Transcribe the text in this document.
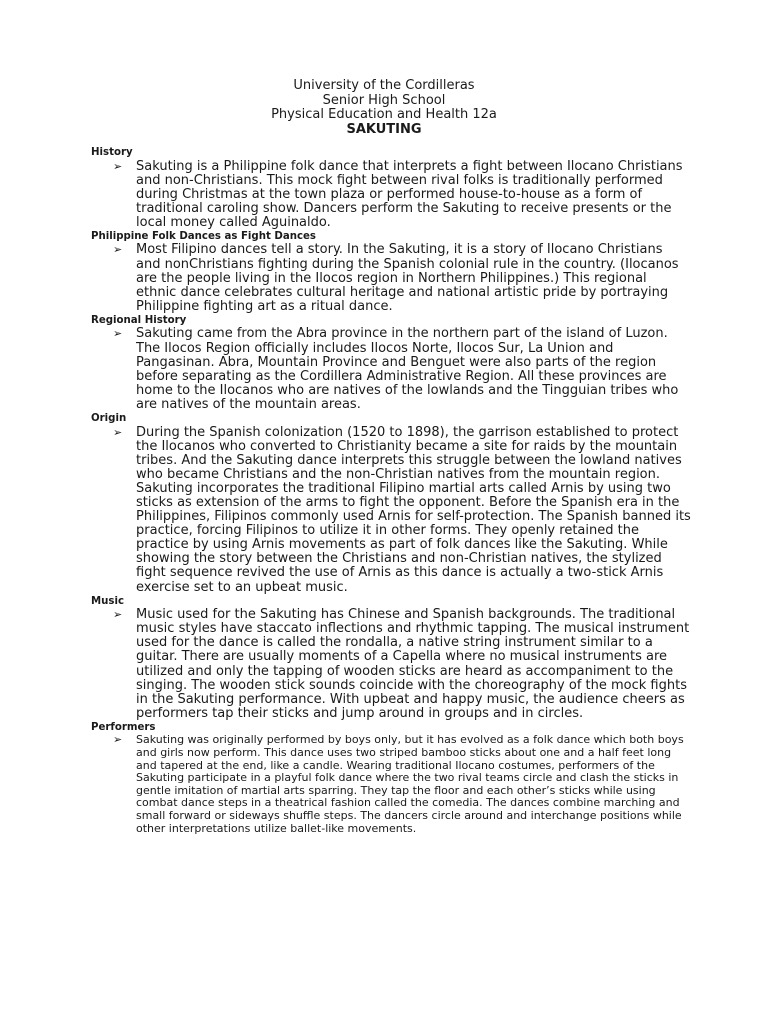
University of the Cordilleras
Senior High School
Physical Education and Health 12a
SAKUTING
History
➢ Sakuting is a Philippine folk dance that interprets a fight between Ilocano Christians and non-Christians. This mock fight between rival folks is traditionally performed during Christmas at the town plaza or performed house-to-house as a form of traditional caroling show. Dancers perform the Sakuting to receive presents or the local money called Aguinaldo.
Philippine Folk Dances as Fight Dances
➢ Most Filipino dances tell a story. In the Sakuting, it is a story of Ilocano Christians and nonChristians fighting during the Spanish colonial rule in the country. (Ilocanos are the people living in the Ilocos region in Northern Philippines.) This regional ethnic dance celebrates cultural heritage and national artistic pride by portraying Philippine fighting art as a ritual dance.
Regional History
➢ Sakuting came from the Abra province in the northern part of the island of Luzon. The Ilocos Region officially includes Ilocos Norte, Ilocos Sur, La Union and Pangasinan. Abra, Mountain Province and Benguet were also parts of the region before separating as the Cordillera Administrative Region. All these provinces are home to the Ilocanos who are natives of the lowlands and the Tingguian tribes who are natives of the mountain areas.
Origin
➢ During the Spanish colonization (1520 to 1898), the garrison established to protect the Ilocanos who converted to Christianity became a site for raids by the mountain tribes. And the Sakuting dance interprets this struggle between the lowland natives who became Christians and the non-Christian natives from the mountain region. Sakuting incorporates the traditional Filipino martial arts called Arnis by using two sticks as extension of the arms to fight the opponent. Before the Spanish era in the Philippines, Filipinos commonly used Arnis for self-protection. The Spanish banned its practice, forcing Filipinos to utilize it in other forms. They openly retained the practice by using Arnis movements as part of folk dances like the Sakuting. While showing the story between the Christians and non-Christian natives, the stylized fight sequence revived the use of Arnis as this dance is actually a two-stick Arnis exercise set to an upbeat music.
Music
➢ Music used for the Sakuting has Chinese and Spanish backgrounds. The traditional music styles have staccato inflections and rhythmic tapping. The musical instrument used for the dance is called the rondalla, a native string instrument similar to a guitar. There are usually moments of a Capella where no musical instruments are utilized and only the tapping of wooden sticks are heard as accompaniment to the singing. The wooden stick sounds coincide with the choreography of the mock fights in the Sakuting performance. With upbeat and happy music, the audience cheers as performers tap their sticks and jump around in groups and in circles.
Performers
➢ Sakuting was originally performed by boys only, but it has evolved as a folk dance which both boys and girls now perform. This dance uses two striped bamboo sticks about one and a half feet long and tapered at the end, like a candle. Wearing traditional Ilocano costumes, performers of the Sakuting participate in a playful folk dance where the two rival teams circle and clash the sticks in gentle imitation of martial arts sparring. They tap the floor and each other’s sticks while using combat dance steps in a theatrical fashion called the comedia. The dances combine marching and small forward or sideways shuffle steps. The dancers circle around and interchange positions while other interpretations utilize ballet-like movements.
